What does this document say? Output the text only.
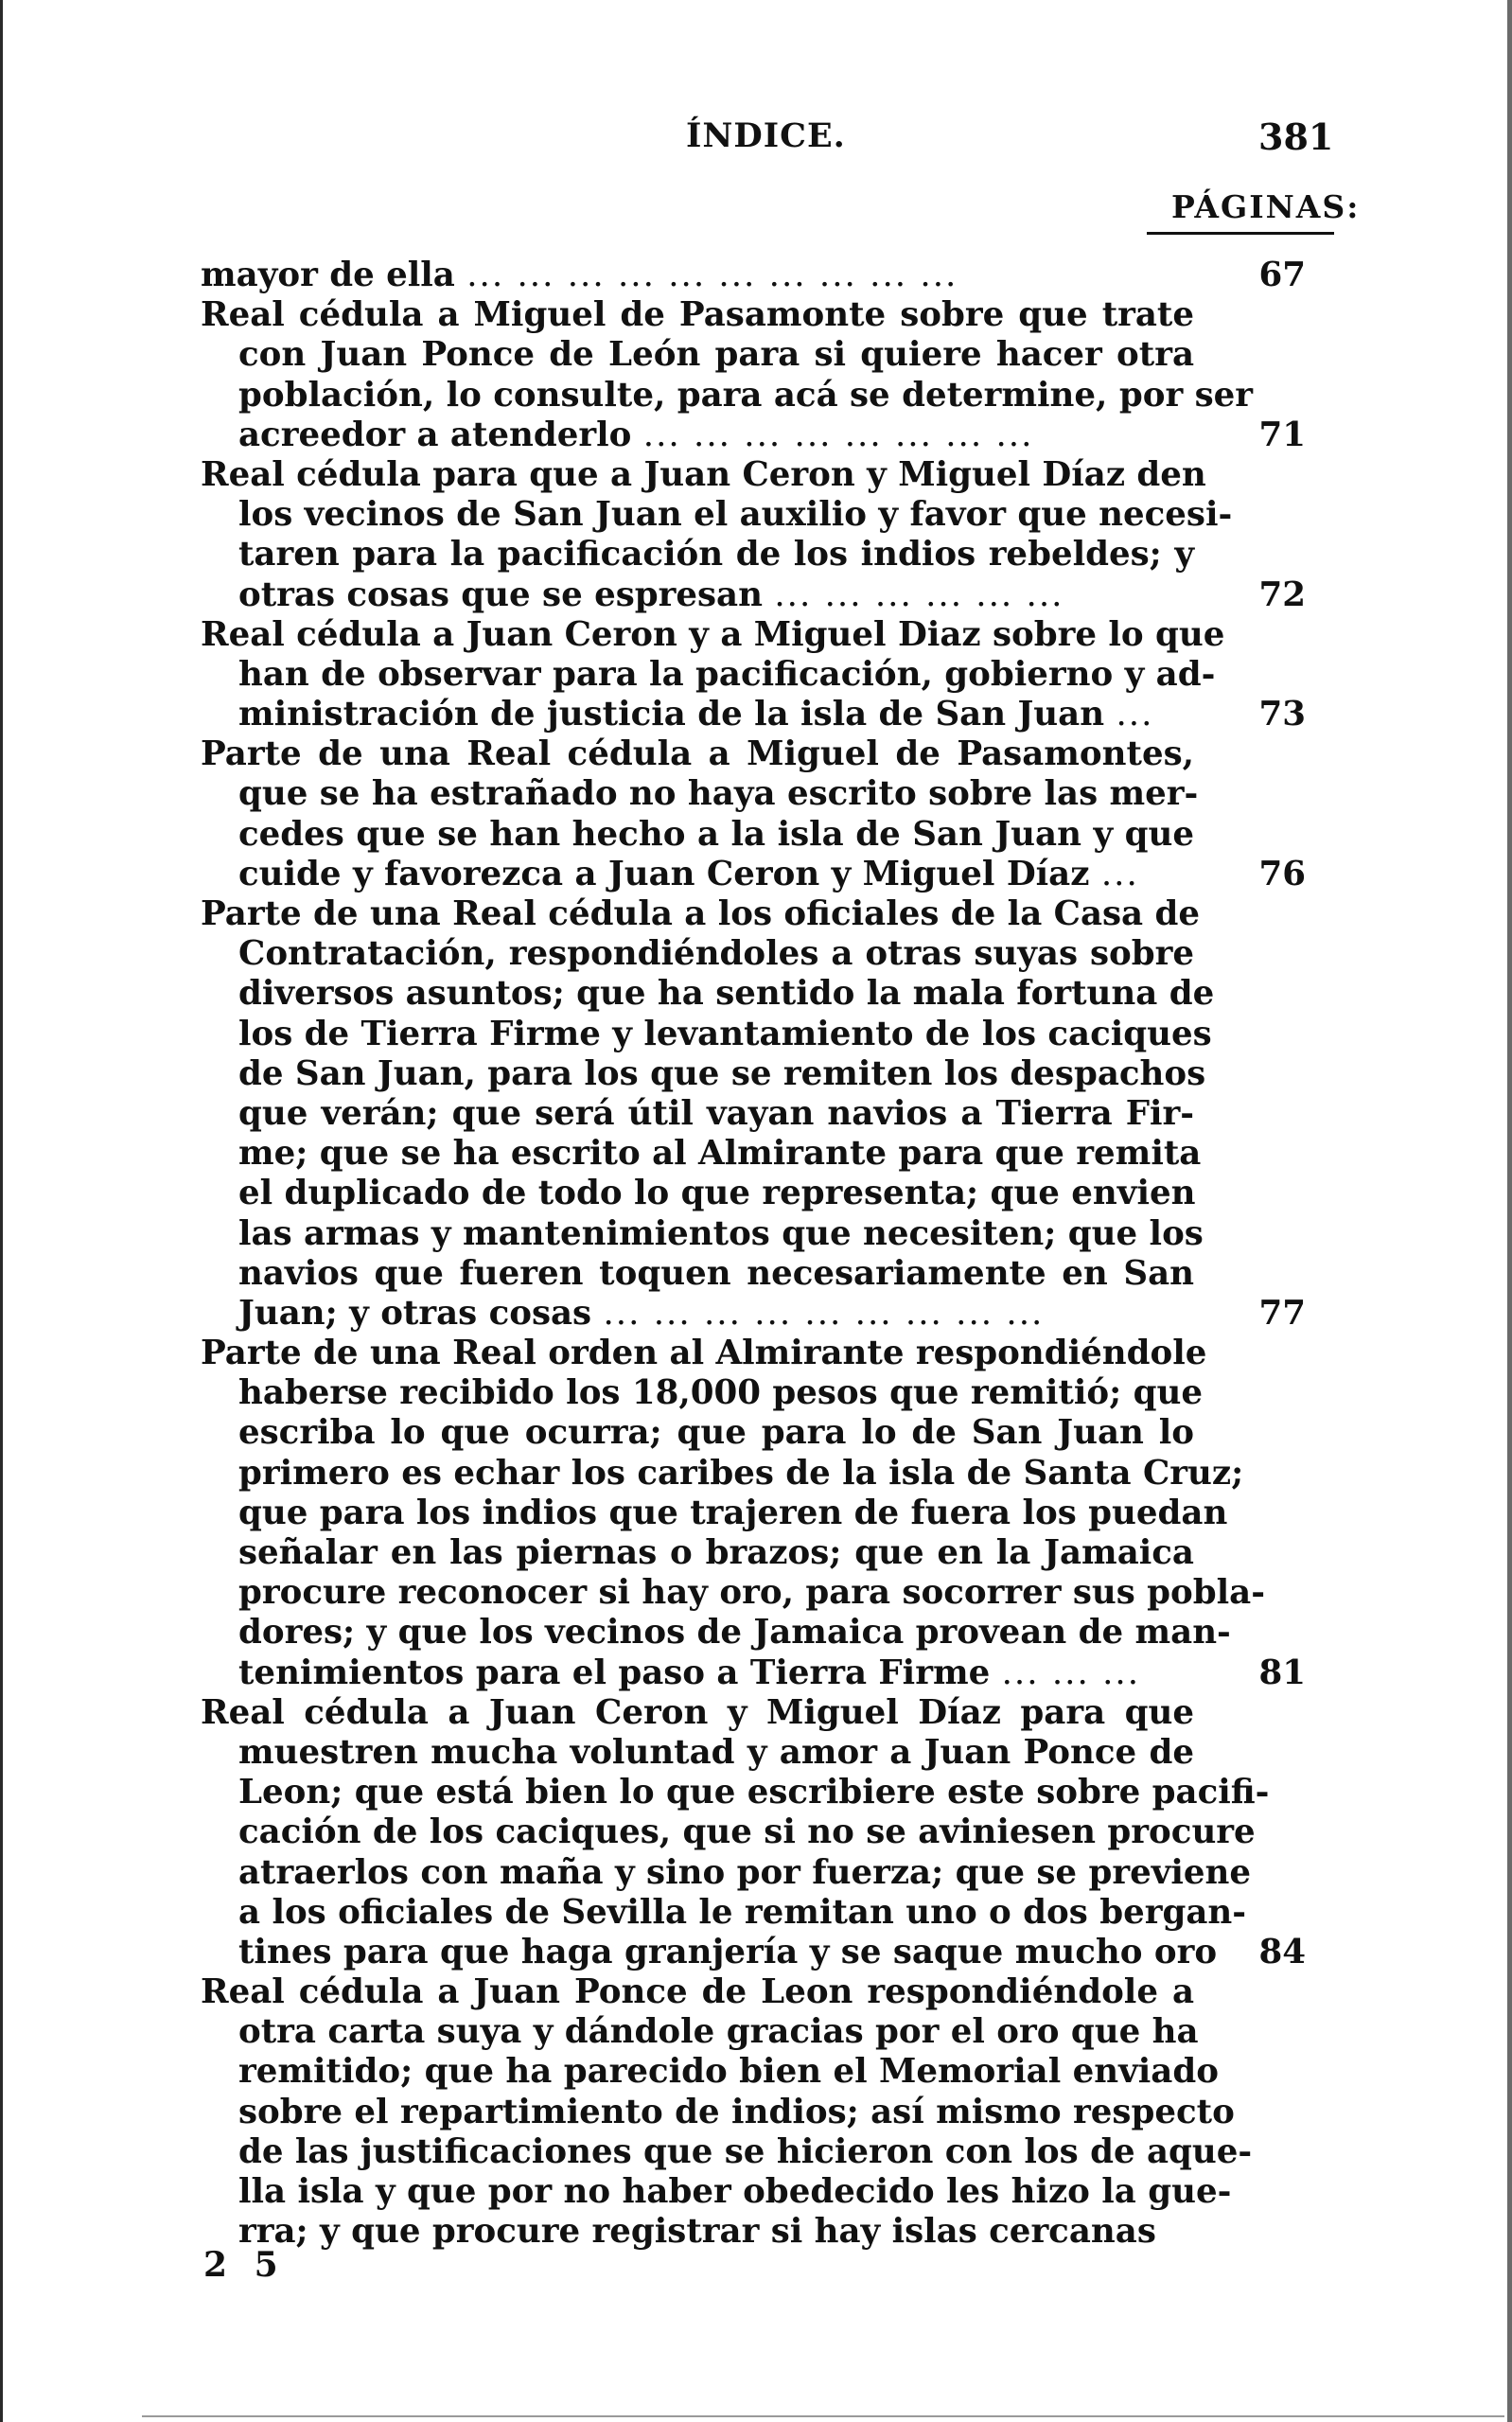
ÍNDICE.	381
PÁGINAS:
mayor de ella ... ... ... ... ... ... ... ... ... ...	67
Real cédula a Miguel de Pasamonte sobre que trate
con Juan Ponce de León para si quiere hacer otra
población, lo consulte, para acá se determine, por ser
acreedor a atenderlo ... ... ... ... ... ... ... ...	71
Real cédula para que a Juan Ceron y Miguel Díaz den
los vecinos de San Juan el auxilio y favor que necesi-
taren para la pacificación de los indios rebeldes; y
otras cosas que se espresan ... ... ... ... ... ...	72
Real cédula a Juan Ceron y a Miguel Diaz sobre lo que
han de observar para la pacificación, gobierno y ad-
ministración de justicia de la isla de San Juan ...	73
Parte de una Real cédula a Miguel de Pasamontes,
que se ha estrañado no haya escrito sobre las mer-
cedes que se han hecho a la isla de San Juan y que
cuide y favorezca a Juan Ceron y Miguel Díaz ...	76
Parte de una Real cédula a los oficiales de la Casa de
Contratación, respondiéndoles a otras suyas sobre
diversos asuntos; que ha sentido la mala fortuna de
los de Tierra Firme y levantamiento de los caciques
de San Juan, para los que se remiten los despachos
que verán; que será útil vayan navios a Tierra Fir-
me; que se ha escrito al Almirante para que remita
el duplicado de todo lo que representa; que envien
las armas y mantenimientos que necesiten; que los
navios que fueren toquen necesariamente en San
Juan; y otras cosas ... ... ... ... ... ... ... ... ...	77
Parte de una Real orden al Almirante respondiéndole
haberse recibido los 18,000 pesos que remitió; que
escriba lo que ocurra; que para lo de San Juan lo
primero es echar los caribes de la isla de Santa Cruz;
que para los indios que trajeren de fuera los puedan
señalar en las piernas o brazos; que en la Jamaica
procure reconocer si hay oro, para socorrer sus pobla-
dores; y que los vecinos de Jamaica provean de man-
tenimientos para el paso a Tierra Firme ... ... ...	81
Real cédula a Juan Ceron y Miguel Díaz para que
muestren mucha voluntad y amor a Juan Ponce de
Leon; que está bien lo que escribiere este sobre pacifi-
cación de los caciques, que si no se aviniesen procure
atraerlos con maña y sino por fuerza; que se previene
a los oficiales de Sevilla le remitan uno o dos bergan-
tines para que haga granjería y se saque mucho oro	84
Real cédula a Juan Ponce de Leon respondiéndole a
otra carta suya y dándole gracias por el oro que ha
remitido; que ha parecido bien el Memorial enviado
sobre el repartimiento de indios; así mismo respecto
de las justificaciones que se hicieron con los de aque-
lla isla y que por no haber obedecido les hizo la gue-
rra; y que procure registrar si hay islas cercanas
2 5
